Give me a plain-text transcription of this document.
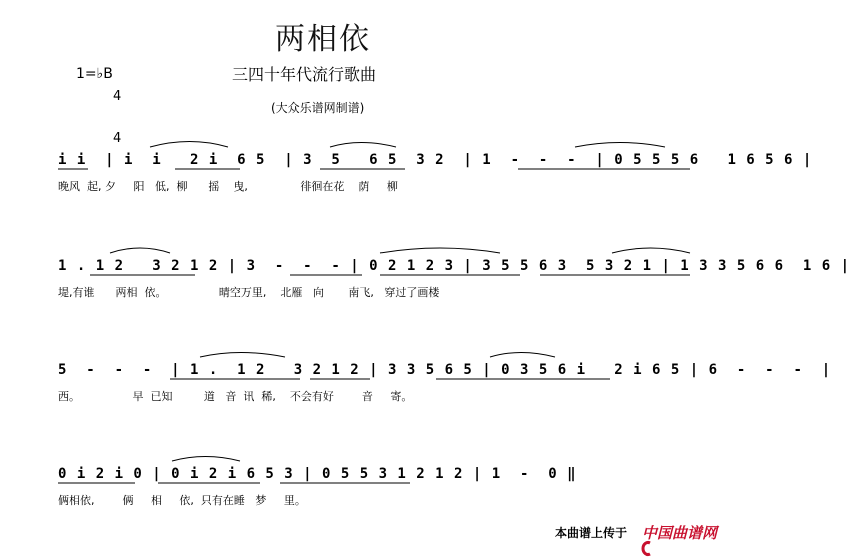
两相依
1=♭B

4

4

三四十年代流行歌曲
(大众乐谱网制谱)
i i  | i  i   2 i  6 5  | 3  5   6 5  3 2  | 1  -  -  -  | 0 5 5 5 6   1 6 5 6 |
晚风  起, 夕     阳   低,  柳      摇    曳,               徘徊在花    荫     柳
1 . 1 2   3 2 1 2 | 3  -  -  - | 0 2 1 2 3 | 3 5 5 6 3  5 3 2 1 | 1 3 3 5 6 6  1 6 |
堤,有谁      两相  依。               晴空万里,    北雁   向       南飞,   穿过了画楼
5  -  -  -  | 1 .  1 2   3 2 1 2 | 3 3 5 6 5 | 0 3 5 6 i   2 i 6 5 | 6  -  -  -  |
西。               早  已知         道   音  讯  稀,    不会有好        音     寄。
0 i 2 i 0 | 0 i 2 i 6 5 3 | 0 5 5 3 1 2 1 2 | 1  -  0 ‖
俩相依,        俩     相     依,  只有在睡   梦     里。
本曲谱上传于

中国曲谱网
